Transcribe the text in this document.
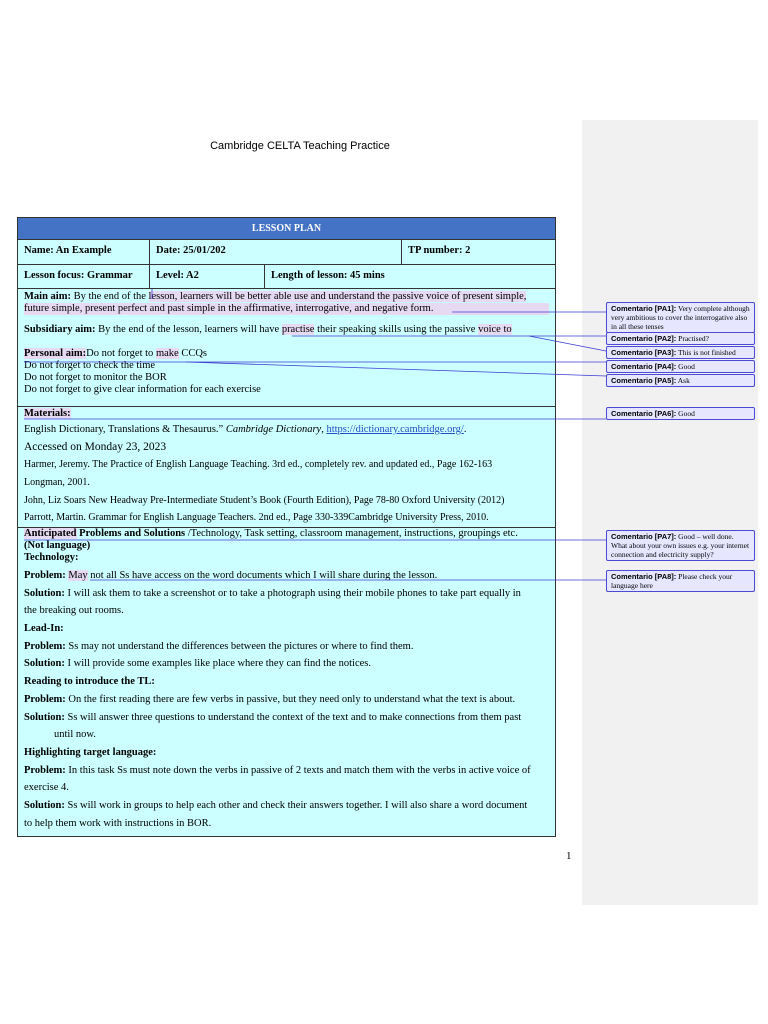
Cambridge CELTA Teaching Practice
LESSON PLAN
Name: An Example	Date: 25/01/202	TP number: 2
Lesson focus: Grammar	Level: A2	Length of lesson: 45 mins
Main aim: By the end of the lesson, learners will be better able use and understand the passive voice of present simple,
future simple, present perfect and past simple in the affirmative, interrogative, and negative form.
Subsidiary aim: By the end of the lesson, learners will have practise their speaking skills using the passive voice to
Personal aim:Do not forget to make CCQs
Do not forget to check the time
Do not forget to monitor the BOR
Do not forget to give clear information for each exercise
Materials:
English Dictionary, Translations & Thesaurus.” Cambridge Dictionary, https://dictionary.cambridge.org/.
Accessed on Monday 23, 2023
Harmer, Jeremy. The Practice of English Language Teaching. 3rd ed., completely rev. and updated ed., Page 162-163
Longman, 2001.
John, Liz Soars New Headway Pre-Intermediate Student’s Book (Fourth Edition), Page 78-80 Oxford University (2012)
Parrott, Martin. Grammar for English Language Teachers. 2nd ed., Page 330-339Cambridge University Press, 2010.
Anticipated Problems and Solutions /Technology, Task setting, classroom management, instructions, groupings etc.
(Not language)
Technology:
Problem: May not all Ss have access on the word documents which I will share during the lesson.
Solution: I will ask them to take a screenshot or to take a photograph using their mobile phones to take part equally in
the breaking out rooms.
Lead-In:
Problem: Ss may not understand the differences between the pictures or where to find them.
Solution: I will provide some examples like place where they can find the notices.
Reading to introduce the TL:
Problem: On the first reading there are few verbs in passive, but they need only to understand what the text is about.
Solution: Ss will answer three questions to understand the context of the text and to make connections from them past
until now.
Highlighting target language:
Problem: In this task Ss must note down the verbs in passive of 2 texts and match them with the verbs in active voice of
exercise 4.
Solution: Ss will work in groups to help each other and check their answers together. I will also share a word document
to help them work with instructions in BOR.
1
Comentario [PA1]: Very complete although very ambitious to cover the interrogative also in all these tenses
Comentario [PA2]: Practised?
Comentario [PA3]: This is not finished
Comentario [PA4]: Good
Comentario [PA5]: Ask
Comentario [PA6]: Good
Comentario [PA7]: Good – well done. What about your own issues e.g. your internet connection and electricity supply?
Comentario [PA8]: Please check your language here
